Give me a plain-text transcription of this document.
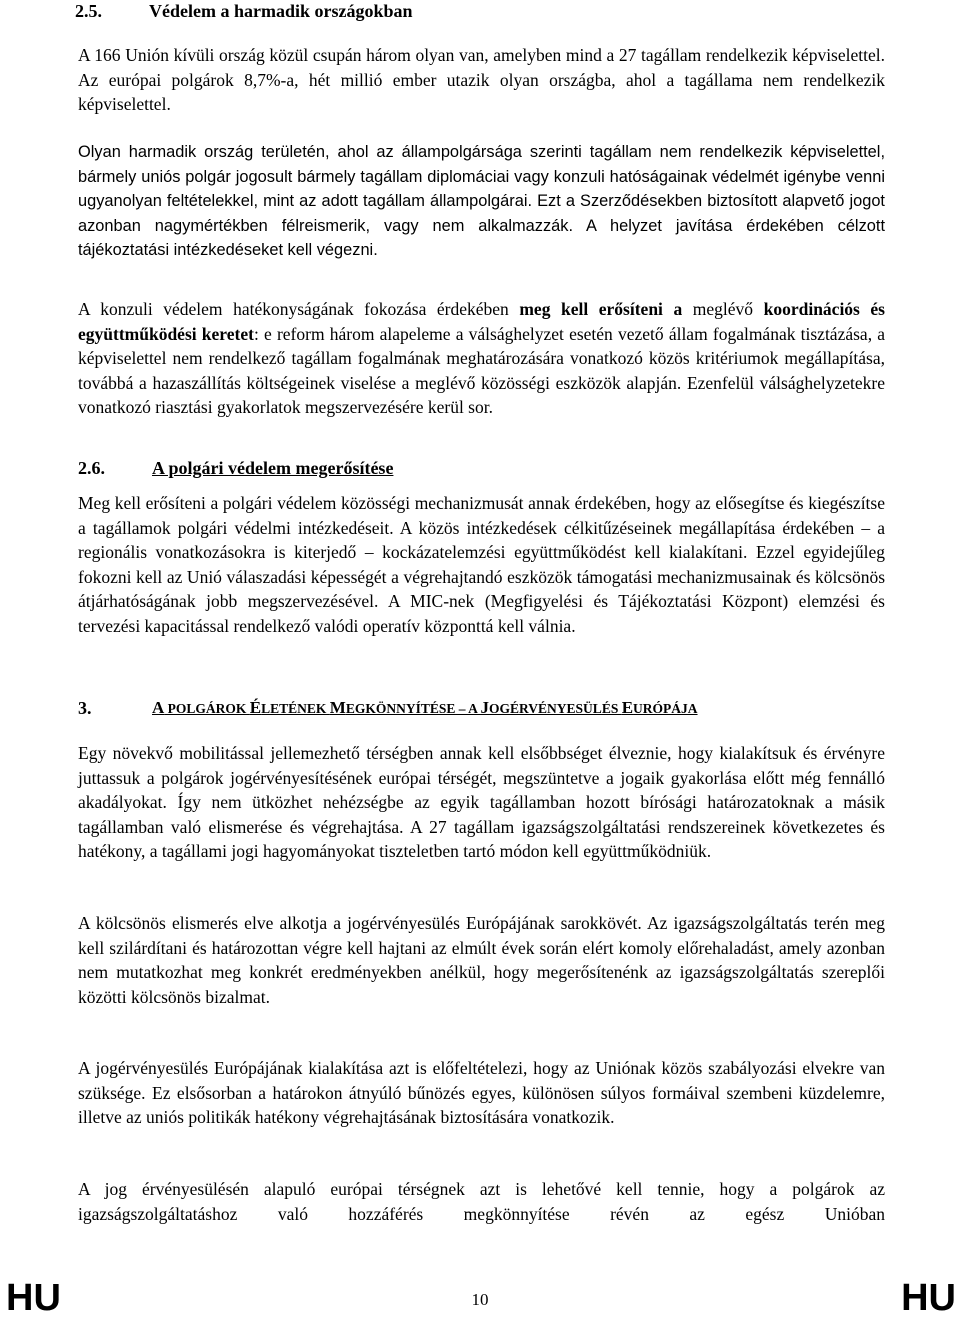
2.5.	Védelem a harmadik országokban

A 166 Unión kívüli ország közül csupán három olyan van, amelyben mind a 27 tagállam rendelkezik képviselettel. Az európai polgárok 8,7%-a, hét millió ember utazik olyan országba, ahol a tagállama nem rendelkezik képviselettel.

Olyan harmadik ország területén, ahol az állampolgársága szerinti tagállam nem rendelkezik képviselettel, bármely uniós polgár jogosult bármely tagállam diplomáciai vagy konzuli hatóságainak védelmét igénybe venni ugyanolyan feltételekkel, mint az adott tagállam állampolgárai. Ezt a Szerződésekben biztosított alapvető jogot azonban nagymértékben félreismerik, vagy nem alkalmazzák. A helyzet javítása érdekében célzott tájékoztatási intézkedéseket kell végezni.

A konzuli védelem hatékonyságának fokozása érdekében meg kell erősíteni a meglévő koordinációs és együttműködési keretet: e reform három alapeleme a válsághelyzet esetén vezető állam fogalmának tisztázása, a képviselettel nem rendelkező tagállam fogalmának meghatározására vonatkozó közös kritériumok megállapítása, továbbá a hazaszállítás költségeinek viselése a meglévő közösségi eszközök alapján. Ezenfelül válsághelyzetekre vonatkozó riasztási gyakorlatok megszervezésére kerül sor.

2.6.	A polgári védelem megerősítése

Meg kell erősíteni a polgári védelem közösségi mechanizmusát annak érdekében, hogy az elősegítse és kiegészítse a tagállamok polgári védelmi intézkedéseit. A közös intézkedések célkitűzéseinek megállapítása érdekében – a regionális vonatkozásokra is kiterjedő – kockázatelemzési együttműködést kell kialakítani. Ezzel egyidejűleg fokozni kell az Unió válaszadási képességét a végrehajtandó eszközök támogatási mechanizmusainak és kölcsönös átjárhatóságának jobb megszervezésével. A MIC-nek (Megfigyelési és Tájékoztatási Központ) elemzési és tervezési kapacitással rendelkező valódi operatív központtá kell válnia.

3.	A POLGÁROK ÉLETÉNEK MEGKÖNNYÍTÉSE – A JOGÉRVÉNYESÜLÉS EURÓPÁJA

Egy növekvő mobilitással jellemezhető térségben annak kell elsőbbséget élveznie, hogy kialakítsuk és érvényre juttassuk a polgárok jogérvényesítésének európai térségét, megszüntetve a jogaik gyakorlása előtt még fennálló akadályokat. Így nem ütközhet nehézségbe az egyik tagállamban hozott bírósági határozatoknak a másik tagállamban való elismerése és végrehajtása. A 27 tagállam igazságszolgáltatási rendszereinek következetes és hatékony, a tagállami jogi hagyományokat tiszteletben tartó módon kell együttműködniük.

A kölcsönös elismerés elve alkotja a jogérvényesülés Európájának sarokkövét. Az igazságszolgáltatás terén meg kell szilárdítani és határozottan végre kell hajtani az elmúlt évek során elért komoly előrehaladást, amely azonban nem mutatkozhat meg konkrét eredményekben anélkül, hogy megerősítenénk az igazságszolgáltatás szereplői közötti kölcsönös bizalmat.

A jogérvényesülés Európájának kialakítása azt is előfeltételezi, hogy az Uniónak közös szabályozási elvekre van szüksége. Ez elsősorban a határokon átnyúló bűnözés egyes, különösen súlyos formáival szembeni küzdelemre, illetve az uniós politikák hatékony végrehajtásának biztosítására vonatkozik.

A jog érvényesülésén alapuló európai térségnek azt is lehetővé kell tennie, hogy a polgárok az igazságszolgáltatáshoz való hozzáférés megkönnyítése révén az egész Unióban

HU	10	HU
